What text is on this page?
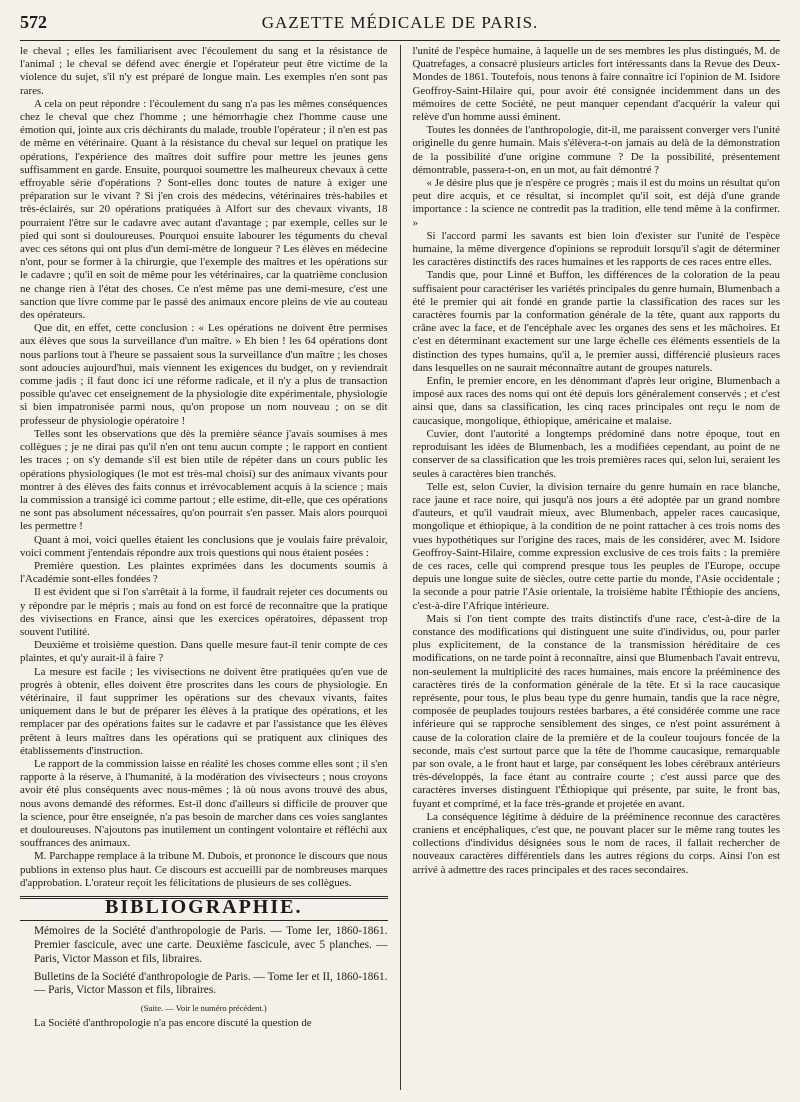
572	GAZETTE MÉDICALE DE PARIS.

le cheval ; elles les familiarisent avec l'écoulement du sang et la résistance de l'animal ; le cheval se défend avec énergie et l'opérateur peut être victime de la violence du sujet, s'il n'y est préparé de longue main. Les exemples n'en sont pas rares.

A cela on peut répondre : l'écoulement du sang n'a pas les mêmes conséquences chez le cheval que chez l'homme ; une hémorrhagie chez l'homme cause une émotion qui, jointe aux cris déchirants du malade, trouble l'opérateur ; il n'en est pas de même en vétérinaire. Quant à la résistance du cheval sur lequel on pratique les opérations, l'expérience des maîtres doit suffire pour mettre les jeunes gens suffisamment en garde. Ensuite, pourquoi soumettre les malheureux chevaux à cette effroyable série d'opérations ? Sont-elles donc toutes de nature à exiger une préparation sur le vivant ? Si j'en crois des médecins, vétérinaires très-habiles et très-éclairés, sur 20 opérations pratiquées à Alfort sur des chevaux vivants, 18 pourraient l'être sur le cadavre avec autant d'avantage ; par exemple, celles sur le pied qui sont si douloureuses. Pourquoi ensuite labourer les téguments du cheval avec ces sétons qui ont plus d'un demi-mètre de longueur ? Les élèves en médecine n'ont, pour se former à la chirurgie, que l'exemple des maîtres et les opérations sur le cadavre ; qu'il en soit de même pour les vétérinaires, car la quatrième conclusion ne change rien à l'état des choses. Ce n'est même pas une demi-mesure, c'est une sanction que livre comme par le passé des animaux encore pleins de vie au couteau des opérateurs.

Que dit, en effet, cette conclusion : « Les opérations ne doivent être permises aux élèves que sous la surveillance d'un maître. » Eh bien ! les 64 opérations dont nous parlions tout à l'heure se passaient sous la surveillance d'un maître ; les choses sont adoucies aujourd'hui, mais viennent les exigences du budget, on y reviendrait comme jadis ; il faut donc ici une réforme radicale, et il n'y a plus de transaction possible qu'avec cet enseignement de la physiologie dite expérimentale, physiologie si bien impatronisée parmi nous, qu'on propose un nom nouveau ; on se dit professeur de physiologie opératoire !

Telles sont les observations que dès la première séance j'avais soumises à mes collègues ; je ne dirai pas qu'il n'en ont tenu aucun compte ; le rapport en contient les traces ; on s'y demande s'il est bien utile de répéter dans un cours public les opérations physiologiques (le mot est très-mal choisi) sur des animaux vivants pour montrer à des élèves des faits connus et irrévocablement acquis à la science ; mais la commission a transigé ici comme partout ; elle estime, dit-elle, que ces opérations ne sont pas absolument nécessaires, qu'on pourrait s'en passer. Mais alors pourquoi les permettre !

Quant à moi, voici quelles étaient les conclusions que je voulais faire prévaloir, voici comment j'entendais répondre aux trois questions qui nous étaient posées :

Première question. Les plaintes exprimées dans les documents soumis à l'Académie sont-elles fondées ?

Il est évident que si l'on s'arrêtait à la forme, il faudrait rejeter ces documents ou y répondre par le mépris ; mais au fond on est forcé de reconnaître que la pratique des vivisections en France, ainsi que les exercices opératoires, dépassent trop souvent l'utilité.

Deuxième et troisième question. Dans quelle mesure faut-il tenir compte de ces plaintes, et qu'y aurait-il à faire ?

La mesure est facile ; les vivisections ne doivent être pratiquées qu'en vue de progrès à obtenir, elles doivent être proscrites dans les cours de physiologie. En vétérinaire, il faut supprimer les opérations sur des chevaux vivants, faites uniquement dans le but de préparer les élèves à la pratique des opérations, et les remplacer par des opérations faites sur le cadavre et par l'assistance que les élèves prêtent à leurs maîtres dans les opérations qui se pratiquent aux cliniques des établissements d'instruction.

Le rapport de la commission laisse en réalité les choses comme elles sont ; il s'en rapporte à la réserve, à l'humanité, à la modération des vivisecteurs ; nous croyons avoir été plus conséquents avec nous-mêmes ; là où nous avons trouvé des abus, nous avons demandé des réformes. Est-il donc d'ailleurs si difficile de prouver que la science, pour être enseignée, n'a pas besoin de marcher dans ces voies sanglantes et douloureuses. N'ajoutons pas inutilement un contingent volontaire et réfléchi aux souffrances des animaux.

M. Parchappe remplace à la tribune M. Dubois, et prononce le discours que nous publions in extenso plus haut. Ce discours est accueilli par de nombreuses marques d'approbation. L'orateur reçoit les félicitations de plusieurs de ses collègues.

BIBLIOGRAPHIE.

Mémoires de la Société d'anthropologie de Paris. — Tome Ier, 1860-1861. Premier fascicule, avec une carte. Deuxième fascicule, avec 5 planches. — Paris, Victor Masson et fils, libraires.

Bulletins de la Société d'anthropologie de Paris. — Tome Ier et II, 1860-1861. — Paris, Victor Masson et fils, libraires.

(Suite. — Voir le numéro précédent.)

La Société d'anthropologie n'a pas encore discuté la question de

l'unité de l'espèce humaine, à laquelle un de ses membres les plus distingués, M. de Quatrefages, a consacré plusieurs articles fort intéressants dans la Revue des Deux-Mondes de 1861. Toutefois, nous tenons à faire connaître ici l'opinion de M. Isidore Geoffroy-Saint-Hilaire qui, pour avoir été consignée incidemment dans un des mémoires de cette Société, ne peut manquer cependant d'acquérir la valeur qui relève d'un homme aussi éminent.

Toutes les données de l'anthropologie, dit-il, me paraissent converger vers l'unité originelle du genre humain. Mais s'élèvera-t-on jamais au delà de la démonstration de la possibilité d'une origine commune ? De la possibilité, présentement démontrable, passera-t-on, en un mot, au fait démontré ?

« Je désire plus que je n'espère ce progrès ; mais il est du moins un résultat qu'on peut dire acquis, et ce résultat, si incomplet qu'il soit, est déjà d'une grande importance : la science ne contredit pas la tradition, elle tend même à la confirmer. »

Si l'accord parmi les savants est bien loin d'exister sur l'unité de l'espèce humaine, la même divergence d'opinions se reproduit lorsqu'il s'agit de déterminer les caractères distinctifs des races humaines et les rapports de ces races entre elles.

Tandis que, pour Linné et Buffon, les différences de la coloration de la peau suffisaient pour caractériser les variétés principales du genre humain, Blumenbach a été le premier qui ait fondé en grande partie la classification des races sur les caractères fournis par la conformation générale de la tête, quant aux rapports du crâne avec la face, et de l'encéphale avec les organes des sens et les mâchoires. Et c'est en déterminant exactement sur une large échelle ces éléments essentiels de la distinction des types humains, qu'il a, le premier aussi, différencié plusieurs races dans lesquelles on ne saurait méconnaître autant de groupes naturels.

Enfin, le premier encore, en les dénommant d'après leur origine, Blumenbach a imposé aux races des noms qui ont été depuis lors généralement conservés ; et c'est ainsi que, dans sa classification, les cinq races principales ont reçu le nom de caucasique, mongolique, éthiopique, américaine et malaise.

Cuvier, dont l'autorité a longtemps prédominé dans notre époque, tout en reproduisant les idées de Blumenbach, les a modifiées cependant, au point de ne conserver de sa classification que les trois premières races qui, selon lui, seraient les seules à caractères bien tranchés.

Telle est, selon Cuvier, la division ternaire du genre humain en race blanche, race jaune et race noire, qui jusqu'à nos jours a été adoptée par un grand nombre d'auteurs, et qu'il vaudrait mieux, avec Blumenbach, appeler races caucasique, mongolique et éthiopique, à la condition de ne point rattacher à ces trois noms des vues hypothétiques sur l'origine des races, mais de les considérer, avec M. Isidore Geoffroy-Saint-Hilaire, comme expression exclusive de ces trois faits : la première de ces races, celle qui comprend presque tous les peuples de l'Europe, occupe depuis une longue suite de siècles, outre cette partie du monde, l'Asie occidentale ; la seconde a pour patrie l'Asie orientale, la troisième habite l'Éthiopie des anciens, c'est-à-dire l'Afrique intérieure.

Mais si l'on tient compte des traits distinctifs d'une race, c'est-à-dire de la constance des modifications qui distinguent une suite d'individus, ou, pour parler plus explicitement, de la constance de la transmission héréditaire de ces modifications, on ne tarde point à reconnaître, ainsi que Blumenbach l'avait entrevu, non-seulement la multiplicité des races humaines, mais encore la prééminence des caractères tirés de la conformation générale de la tête. Et si la race caucasique représente, pour tous, le plus beau type du genre humain, tandis que la race nègre, composée de peuplades toujours restées barbares, a été considérée comme une race inférieure qui se rapproche sensiblement des singes, ce n'est point assurément à cause de la coloration claire de la première et de la couleur toujours foncée de la seconde, mais c'est surtout parce que la tête de l'homme caucasique, remarquable par son ovale, a le front haut et large, par conséquent les lobes cérébraux antérieurs très-développés, la face étant au contraire courte ; c'est aussi parce que des caractères inverses distinguent l'Éthiopique qui présente, par suite, le front bas, fuyant et comprimé, et la face très-grande et projetée en avant.

La conséquence légitime à déduire de la prééminence reconnue des caractères craniens et encéphaliques, c'est que, ne pouvant placer sur le même rang toutes les collections d'individus désignées sous le nom de races, il fallait rechercher de nouveaux caractères différentiels dans les autres régions du corps. Ainsi l'on est arrivé à admettre des races principales et des races secondaires.
